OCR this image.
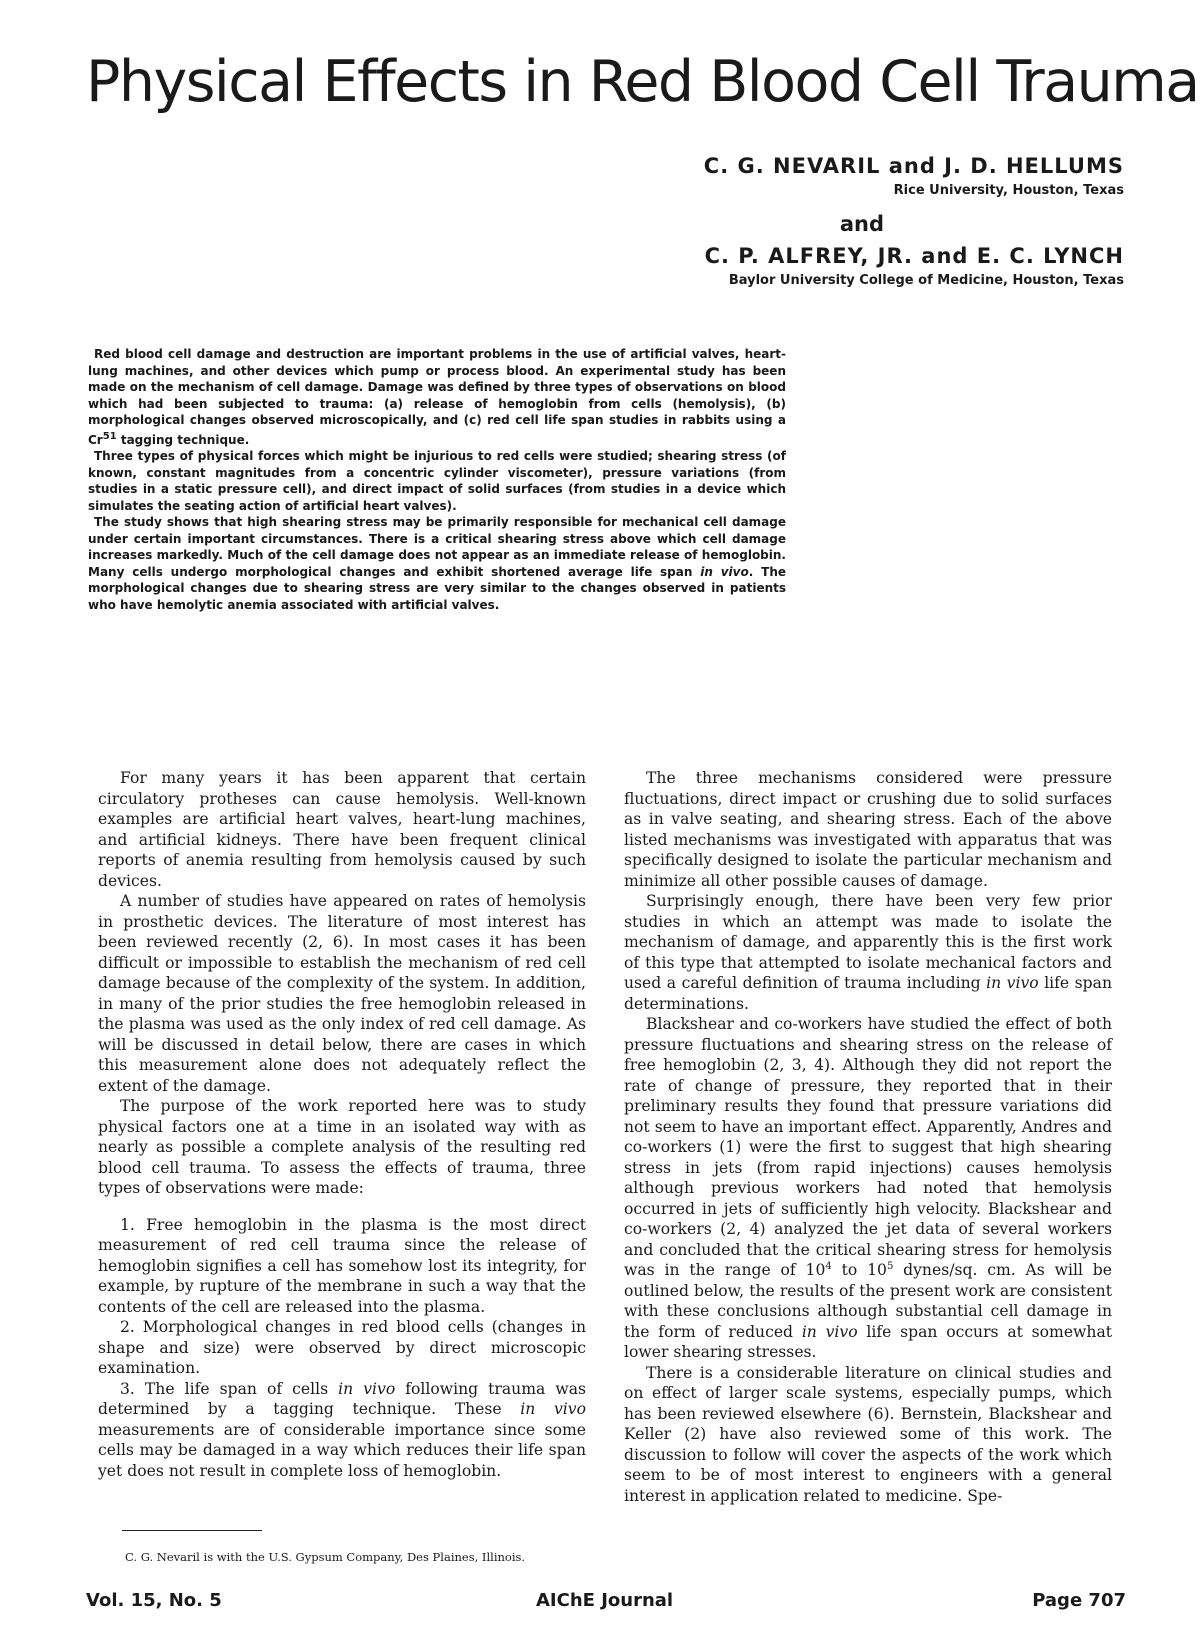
Physical Effects in Red Blood Cell Trauma

C. G. NEVARIL and J. D. HELLUMS

Rice University, Houston, Texas

and

C. P. ALFREY, JR. and E. C. LYNCH

Baylor University College of Medicine, Houston, Texas

Red blood cell damage and destruction are important problems in the use of artificial valves, heart-lung machines, and other devices which pump or process blood. An experimental study has been made on the mechanism of cell damage. Damage was defined by three types of observations on blood which had been subjected to trauma: (a) release of hemoglobin from cells (hemolysis), (b) morphological changes observed microscopically, and (c) red cell life span studies in rabbits using a Cr$^{51}$ tagging technique.

Three types of physical forces which might be injurious to red cells were studied; shearing stress (of known, constant magnitudes from a concentric cylinder viscometer), pressure variations (from studies in a static pressure cell), and direct impact of solid surfaces (from studies in a device which simulates the seating action of artificial heart valves).

The study shows that high shearing stress may be primarily responsible for mechanical cell damage under certain important circumstances. There is a critical shearing stress above which cell damage increases markedly. Much of the cell damage does not appear as an immediate release of hemoglobin. Many cells undergo morphological changes and exhibit shortened average life span in vivo. The morphological changes due to shearing stress are very similar to the changes observed in patients who have hemolytic anemia associated with artificial valves.

For many years it has been apparent that certain circulatory protheses can cause hemolysis. Well-known examples are artificial heart valves, heart-lung machines, and artificial kidneys. There have been frequent clinical reports of anemia resulting from hemolysis caused by such devices.

A number of studies have appeared on rates of hemolysis in prosthetic devices. The literature of most interest has been reviewed recently (2, 6). In most cases it has been difficult or impossible to establish the mechanism of red cell damage because of the complexity of the system. In addition, in many of the prior studies the free hemoglobin released in the plasma was used as the only index of red cell damage. As will be discussed in detail below, there are cases in which this measurement alone does not adequately reflect the extent of the damage.

The purpose of the work reported here was to study physical factors one at a time in an isolated way with as nearly as possible a complete analysis of the resulting red blood cell trauma. To assess the effects of trauma, three types of observations were made:

1. Free hemoglobin in the plasma is the most direct measurement of red cell trauma since the release of hemoglobin signifies a cell has somehow lost its integrity, for example, by rupture of the membrane in such a way that the contents of the cell are released into the plasma.

2. Morphological changes in red blood cells (changes in shape and size) were observed by direct microscopic examination.

3. The life span of cells in vivo following trauma was determined by a tagging technique. These in vivo measurements are of considerable importance since some cells may be damaged in a way which reduces their life span yet does not result in complete loss of hemoglobin.

The three mechanisms considered were pressure fluctuations, direct impact or crushing due to solid surfaces as in valve seating, and shearing stress. Each of the above listed mechanisms was investigated with apparatus that was specifically designed to isolate the particular mechanism and minimize all other possible causes of damage.

Surprisingly enough, there have been very few prior studies in which an attempt was made to isolate the mechanism of damage, and apparently this is the first work of this type that attempted to isolate mechanical factors and used a careful definition of trauma including in vivo life span determinations.

Blackshear and co-workers have studied the effect of both pressure fluctuations and shearing stress on the release of free hemoglobin (2, 3, 4). Although they did not report the rate of change of pressure, they reported that in their preliminary results they found that pressure variations did not seem to have an important effect. Apparently, Andres and co-workers (1) were the first to suggest that high shearing stress in jets (from rapid injections) causes hemolysis although previous workers had noted that hemolysis occurred in jets of sufficiently high velocity. Blackshear and co-workers (2, 4) analyzed the jet data of several workers and concluded that the critical shearing stress for hemolysis was in the range of $10^4$ to $10^5$ dynes/sq. cm. As will be outlined below, the results of the present work are consistent with these conclusions although substantial cell damage in the form of reduced in vivo life span occurs at somewhat lower shearing stresses.

There is a considerable literature on clinical studies and on effect of larger scale systems, especially pumps, which has been reviewed elsewhere (6). Bernstein, Blackshear and Keller (2) have also reviewed some of this work. The discussion to follow will cover the aspects of the work which seem to be of most interest to engineers with a general interest in application related to medicine. Spe-

C. G. Nevaril is with the U.S. Gypsum Company, Des Plaines, Illinois.

Vol. 15, No. 5	AIChE Journal	Page 707
